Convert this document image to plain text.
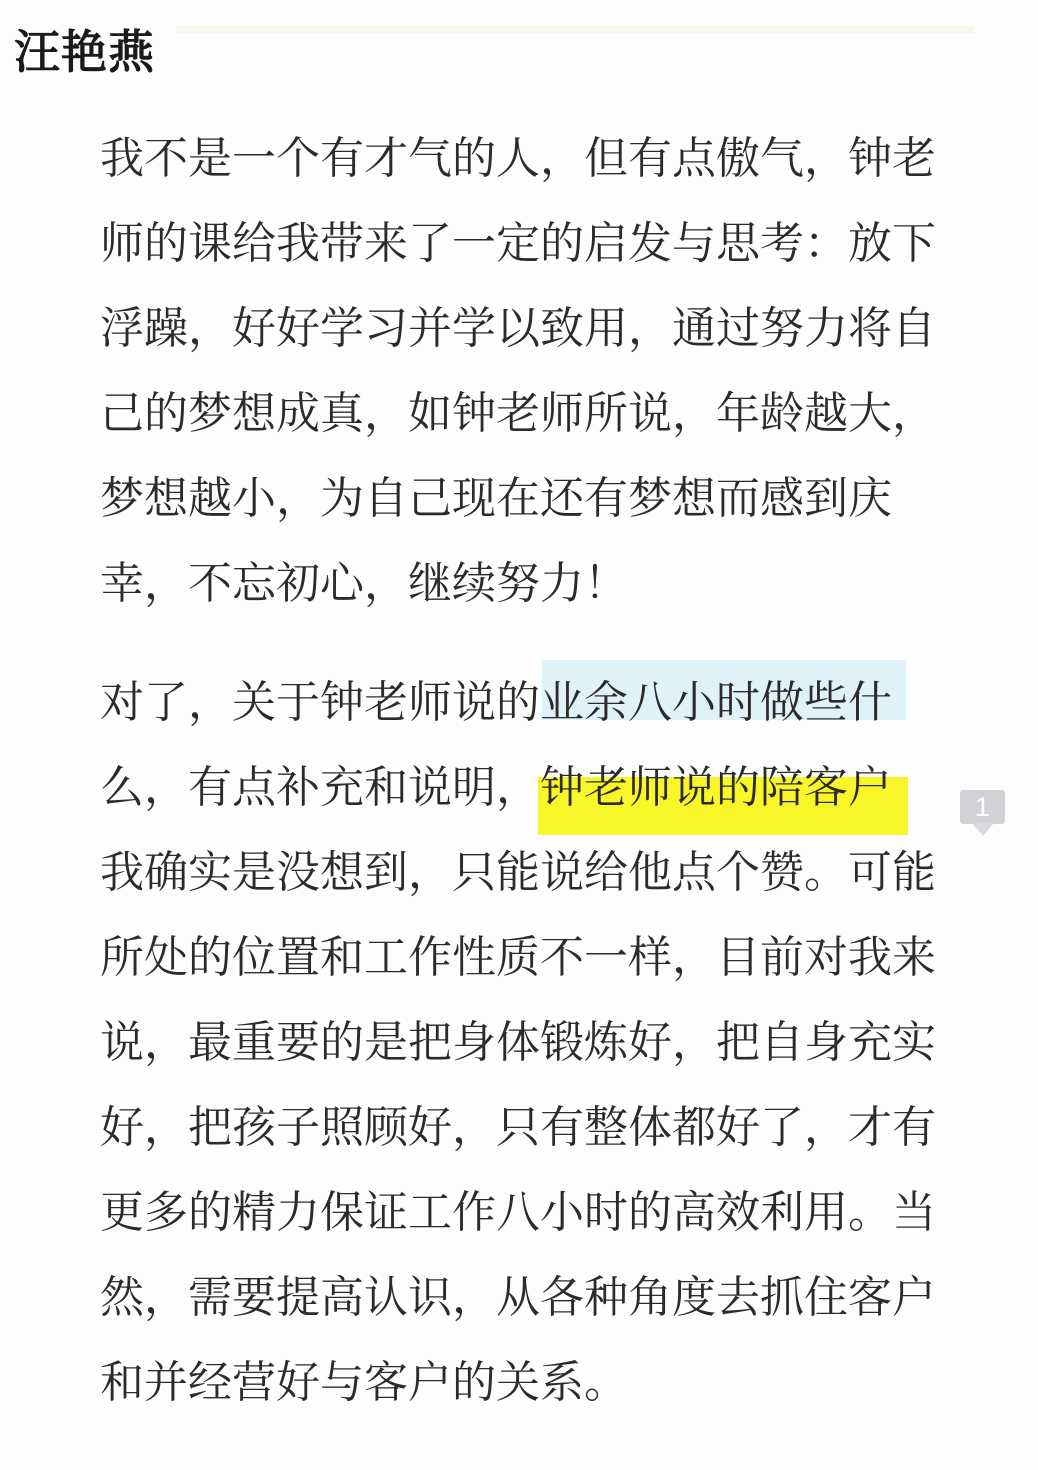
汪艳燕
我不是一个有才气的人，但有点傲气，钟老
师的课给我带来了一定的启发与思考：放下
浮躁，好好学习并学以致用，通过努力将自
己的梦想成真，如钟老师所说，年龄越大，
梦想越小，为自己现在还有梦想而感到庆
幸，不忘初心，继续努力！
对了，关于钟老师说的业余八小时做些什
么，有点补充和说明，钟老师说的陪客户，
我确实是没想到，只能说给他点个赞。可能
所处的位置和工作性质不一样，目前对我来
说，最重要的是把身体锻炼好，把自身充实
好，把孩子照顾好，只有整体都好了，才有
更多的精力保证工作八小时的高效利用。当
然，需要提高认识，从各种角度去抓住客户
和并经营好与客户的关系。
1
